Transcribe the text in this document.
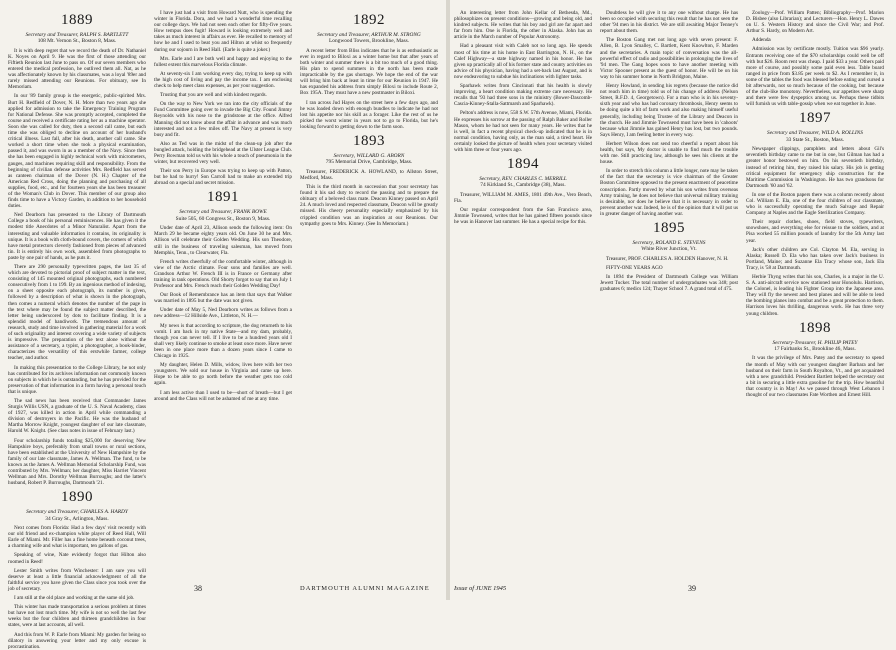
1889
Secretary and Treasurer, RALPH S. BARTLETT
108 Mt. Vernon St., Boston 8, Mass.

It is with deep regret that we record the death of Dr. Nathaniel K. Noyes on April 9. He was the first of those attending our Fiftieth Reunion last June to pass on. Of our seven members who entered the medical profession, he outlived them all. Nat, as he was affectionately known by his classmates, was a loyal '89er and rarely missed attending our Reunions. For obituary, see In Memoriam.

In our '89 family group is the energetic, public-spirited Mrs. Burt H. Redfield of Dover, N. H. More than two years ago she applied for admission to take the Emergency Training Program for National Defense. She was promptly accepted, completed the course and received a certificate rating her as a machine operator. Soon she was called for duty, then a second call came, but each time she was obliged to decline on account of her husband's critical illness. Last fall, after his death, another call came. She worked a short time when she took a physical examination, passed it, and was sworn in as a member of the Navy. Since then she has been engaged in highly technical work with micrometers, gauges, and machines requiring skill and responsibility. From the beginning of civilian defense activities Mrs. Redfield has served as canteen chairman of the Dover (N. H.) Chapter of the American Red Cross, doing the planning and purchasing of all supplies, food, etc., and for fourteen years she has been treasurer of the Woman's Club in Dover. This member of our group also finds time to have a Victory Garden, in addition to her household duties.

Ned Dearborn has presented to the Library of Dartmouth College a book of his personal reminiscences. He has given it the modest title Anecdotes of a Minor Naturalist. Apart from the interesting and valuable information it contains, its originality is unique. It is a book with cloth-bound covers, the corners of which have metal protectors cleverly fashioned from pieces of advanced tin. It is entirely his own work, assembled from photographs to paste by one pair of hands, as he puts it.

There are 290 personally typewritten pages, the last 35 of which are devoted to pictorial proof of subject matter in the text, consisting of 145 mounted original photographs, each numbered consecutively from 1 to 199. By an ingenious method of indexing, on a sheet opposite each photograph, its number is given, followed by a description of what is shown in the photograph, then comes a numeral which denotes the number of the page in the text where may be found the subject matter described, the letter being underscored by dots to facilitate finding. It is a splendid model of handiwork. The tremendous amount of research, study and time involved in gathering material for a work of such originality and interest covering a wide variety of subjects is impressive. The preparation of the text alone without the assistance of a secretary, a typist, a photographer, a book-binder, characterizes the versatility of this erstwhile farmer, college teacher, and author.

In making this presentation to the College Library, he not only has contributed for its archives information not commonly known on subjects in which he is outstanding, but he has provided for the preservation of that information in a form having a personal touch that is unique.

The sad news has been received that Commander James Sturgis Willis USN, a graduate of the U. S. Naval Academy, class of 1927, was killed in action in April while commanding a division of destroyers in the Pacific. He was the husband of Martha Morrow Knight, youngest daughter of our late classmate, Harold W. Knight. (See class notes in issue of February last.)

Four scholarship funds totaling $25,000 for deserving New Hampshire boys, preferably from small towns or rural sections, have been established at the University of New Hampshire by the family of our late classmate, James A. Wellman. The fund, to be known as the James A. Wellman Memorial Scholarship Fund, was contributed by Mrs. Wellman; her daughter, Miss Harriet Vincent Wellman and Mrs. Dorothy Wellman Burroughs; and the latter's husband, Robert P. Burroughs, Dartmouth '21.

1890
Secretary and Treasurer, CHARLES A. HARDY
34 Gray St., Arlington, Mass.

Next comes from Florida: Had a few days' visit recently with our old friend and ex-champion white player of Reed Hall, Will Earle of Miami. Mr. Filler has a fine home beneath coconut trees, a charming wife and what is important, ten gallons of gas.

Speaking of wine, Nate evidently forgot that Hilton also roomed in Reed!

Lester Smith writes from Winchester: I am sure you will deserve at least a little financial acknowledgment of all the faithful service you have given the Class since you took over the job of secretary.

I am still at the old place and working at the same old job.

This winter has made transportation a serious problem at times but have not lost much time. My wife is not so well the last few weeks but the four children and thirteen grandchildren in four states, were at last accounts, all well.

And this from W. P. Earle from Miami: My garden for being so dilatory in answering your letter and my only excuse is procrastination.

I have just had a visit from Howard Nutt, who is spending the winter in Florida. Dora, and we had a wonderful time recalling our college days. We had not seen each other for fifty-five years. How tempus does fugit! Howard is looking extremely well and takes as much interest in affairs as ever. He recalled to memory of how he and I used to beat you and Hilton at whist so frequently during our sojourn in Reed Hall. (Earle is quite a joker.)

Mrs. Earle and I are both well and happy and enjoying to the fullest extent this marvelous Florida climate.

At seventy-six I am working every day, trying to keep up with the high cost of living and pay the income tax. I am enclosing check to help meet class expenses, as per your suggestion.

Trusting that you are well and with kindest regards.

On the way to New York we ran into the city officials of the Fund Committee going over to invade the Big City. Found Jimmy Reynolds with his nose to the grindstone at the office. Alfred Manning did not know about the affair in advance and was much interested and not a few miles off. The Navy at present is very busy and fit.

Also as Ted was in the midst of the clean-up job after the bungled attack, holding the bridgehead at the Ulster League Club. Perry Bowman told us with his whole a touch of pneumonia in the winter, but recovered very well.

Their son Perry in Europe was trying to keep up with Patton, but he had to hurry! Son Carroll had to make an extended trip abroad on a special and secret mission.

1891
Secretary and Treasurer, FRANK BOWE
Suite 505, 60 Congress St., Boston 9, Mass.

Under date of April 23, Allison sends the following item: On March 29 he became eighty years old. On June 30 he and Mrs. Allison will celebrate their Golden Wedding. His son Theodore, still in the business of traveling salesman, has moved from Memphis, Tenn., to Clearwater, Fla.

French writes cheerfully of the comfortable winter, although in view of the Arctic climate. Four sons and families are well. Grandson Arthur W. French III is in France or Germany after training in tank operations. Old Shorty forgot to say that on July 1 Professor and Mrs. French reach their Golden Wedding Day!

Our Book of Remembrance has an item that says that Walker was married in 1895 but the date was not given.

Under date of May 5, Ned Dearborn writes as follows from a new address—12 Hillside Ave., Littleton, N. H.—

My news is that according to scripture, the dog returneth to his vomit. I am back in my native State—and my dam, probably, though you can never tell. If I live to be a hundred years old I shall very likely continue to smoke at least once more. Have never been in one place more than a dozen years since I came to Chicago in 1925.

My daughter, Helen D. Mills, widow, lives here with her two youngsters. We sold our house in Virginia and came up here. Hope to be able to go north before the weather gets too cold again.

I am less active than I used to be—short of breath—but I get around and the Class will not be ashamed of me at any time.

1892
Secretary and Treasurer, ARTHUR M. STRONG
Longwood Towers, Brookline, Mass.

A recent letter from Bliss indicates that he is as enthusiastic as ever in regard to Biloxi as a winter home but that after years of both winter and summer there is a bit too much of a good thing. His plan to spend summers in the north has been made impracticable by the gas shortage. We hope the end of the war will bring him back at least in time for our Reunion in 1947. He has expanded his address from simply Biloxi to include Route 2, Box 195A. They must have a new postmaster in Biloxi.

I ran across Jud Hayes on the street here a few days ago, and he was loaded down with enough bundles to indicate he had not lost his appetite nor his skill as a forager. Like the rest of us he picked the worst winter in years not to go to Florida, but he's looking forward to getting down to the farm soon.

1893
Secretary, WILLARD G. ABORN
795 Memorial Drive, Cambridge, Mass.

Treasurer, FREDERICK A. HOWLAND, to Allston Street, Medford, Mass.

This is the third month in succession that your secretary has found it his sad duty to record the passing and to prepare the obituary of a beloved class mate. Deacon Kinney passed on April 24. A much loved and respected classmate, Deacon will be greatly missed. His cheery personality especially emphasized by his crippled condition was an inspiration at our Reunions. Our sympathy goes to Mrs. Kinney. (See In Memoriam.)

38	DARTMOUTH ALUMNI MAGAZINE

An interesting letter from John Kellar of Bethesda, Md., philosophizes on present conditions—growing and being old, and kindred subjects. He writes that his boy and girl are far apart and far from him. One is Florida, the other in Alaska. John has an article in the March number of Popular Astronomy.

Had a pleasant visit with Caleb not so long ago. He spends most of his time at his home in East Barrington, N. H., on the Calef Highway—a state highway named in his honor. He has given up practically all of his former state and county activities on advice of his physician, having had a set-back last August, and is now endeavoring to subdue his inclinations with lighter tasks.

Sparhawk writes from Cincinnati that his health is slowly improving, a heart condition making extreme care necessary. He recalls that '93 had three sons in the ministry (Bower-Dascomb-Cascia-Kinney-Stalla-Sattmarsh and Sparhawk).

Pelton's address is now, 558 S.W. 57th Avenue, Miami, Florida. He expresses his sorrow at the passing of Ralph Baker and Roller Mason, whom he had not seen for many years. He writes that he is well, in fact a recent physical check-up indicated that he is in normal condition, having only, as the man said, a tired heart. He certainly looked the picture of health when your secretary visited with him three or four years ago.

1894
Secretary, REV. CHARLES C. MERRILL
74 Kirkland St., Cambridge (38), Mass.

Treasurer, WILLIAM M. AMES, 1801 49th Ave., Vero Beach, Fla.

Our regular correspondent from the San Francisco area, Jimmie Townsend, writes that he has gained fifteen pounds since he was in Hanover last summer. He has a special recipe for this.

Doubtless he will give it to any one without charge. He has been so occupied with securing this result that he has not seen the other '94 men in his district. We are still awaiting Major Tenney's report about them.

The Boston Gang met not long ago with seven present: F. Allen, B. Lyon Smalley, C. Bartlett, Kent Knowlton, F. Marden and the secretaries. A main topic of conversation was the all-powerful effect of radio and possibilities in prolonging the lives of '94 men. The Gang hopes soon to have another meeting with Victor Spooner present as the guest of honor. He will be on his way to his summer home in North Bridgton, Maine.

Henry Howland, in sending his regrets (because the notice did not reach him in time) told us of his change of address (Nelson Street, R.F.D. 4, Georgetown). For a man who is in his seventy-sixth year and who has had coronary thrombosis, Henry seems to be doing quite a bit of farm work and also making himself useful generally, including being Trustee of the Library and Deacon in the church. He and Jimmie Townsend must have been in 'cahoots' because what Jimmie has gained Henry has lost, but two pounds. Says Henry, I am feeling better in every way.

Herbert Wilson does not send too cheerful a report about his health, but says, My doctor is unable to find much the trouble with me. Still practicing law, although he sees his clients at the house.

In order to stretch this column a little longer, note may be taken of the fact that the secretary is vice chairman of the Greater Boston Committee opposed to the present enactment of peacetime conscription. Partly moved by what his son writes from overseas Army training, he does not believe that universal military training is desirable, nor does he believe that it is necessary in order to prevent another war. Indeed, he is of the opinion that it will put us in greater danger of having another war.

1895
Secretary, ROLAND E. STEVENS
White River Junction, Vt.

Treasurer, PROF. CHARLES A. HOLDEN Hanover, N. H.

FIFTY-ONE YEARS AGO

In 1894 the President of Dartmouth College was William Jewett Tucker. The total number of undergraduates was 348; post graduates 6; medics 124; Thayer School 7. A grand total of 475.

Zoology—Prof. William Patten; Bibliography—Prof. Marion D. Bisbee (also Librarian); and Lecturers—Hon. Henry L. Dawes on U. S. Western History and since the Civil War; and Prof. Arthur S. Hardy, on Modern Art.

Addenda

Admission was by certificate mostly. Tuition was $96 yearly. Entrants receiving one of the $70 scholarships could well be off with but $26. Room rent was cheap. I paid $33 a year. Others paid more of course, and possibly some paid even less. Table board ranged in price from $3.85 per week to $2. As I remember it, in some of the tables the food was blessed before eating and cursed a bit afterwards, not so much because of the cooking, but because of the club-like monotony. Nevertheless, our appetites were sharp and there were few dyspeptics among us. Perhaps these tidbits will furnish us with table-gossip when we eat together in June.

1897
Secretary and Treasurer, WILD A. ROLLINS
33 State St., Boston, Mass.

Newspaper clippings, pamphlets and letters about Gil's seventieth birthday came to me but in one, but Gilman has had a greater honor bestowed on him. On his seventieth birthday, instead of retiring him, they raised his salary. His job is getting critical equipment for emergency ship construction for the Maritime Commission in Washington. He has two grandsons for Dartmouth '60 and '62.

In one of the Boston papers there was a column recently about Col. William E. Ela, one of the four children of our classmate, who is successfully operating the much Salvage and Repair Company at Naples and the Eagle Sterilization Company.

Their repair clothes, shoes, field stoves, typewriters, snowshoes, and everything else for reissue to the soldiers, and at Pisa worked 55 million pounds of laundry for the 5th Army last year.

Jack's other children are Col. Clayton M. Ela, serving in Alaska; Russell D. Ela who has taken over Jack's business in Portland, Maine; and Suzanne Ela Tracy whose son, Jack Ela Tracy, is '58 at Dartmouth.

Herbie Thyng writes that his son, Charles, is a major in the U. S. A. anti-aircraft service now stationed near Honolulu. Harrison, the Colonel, is leading his Fighter Group into the Japanese area. They will fly the newest and best planes and will be able to lend the bombing planes into combat and be a great protection to them. Harrison loves his thrilling, dangerous work. He has three very young children.

1898
Secretary-Treasurer, H. PHILIP PATEY
17 Fairbanks St., Brookline 46, Mass.

It was the privilege of Mrs. Patey and the secretary to spend the month of May with our youngest daughter Barbara and her husband on their farm in South Royalton, Vt., and get acquainted with a new grandchild. President Bartlett helped the secretary out a bit in securing a little extra gasoline for the trip. How beautiful that country is in May! As we passed through West Lebanon I thought of our two classmates Fate Worthen and Ernest Hill.

Issue of JUNE 1945	39
